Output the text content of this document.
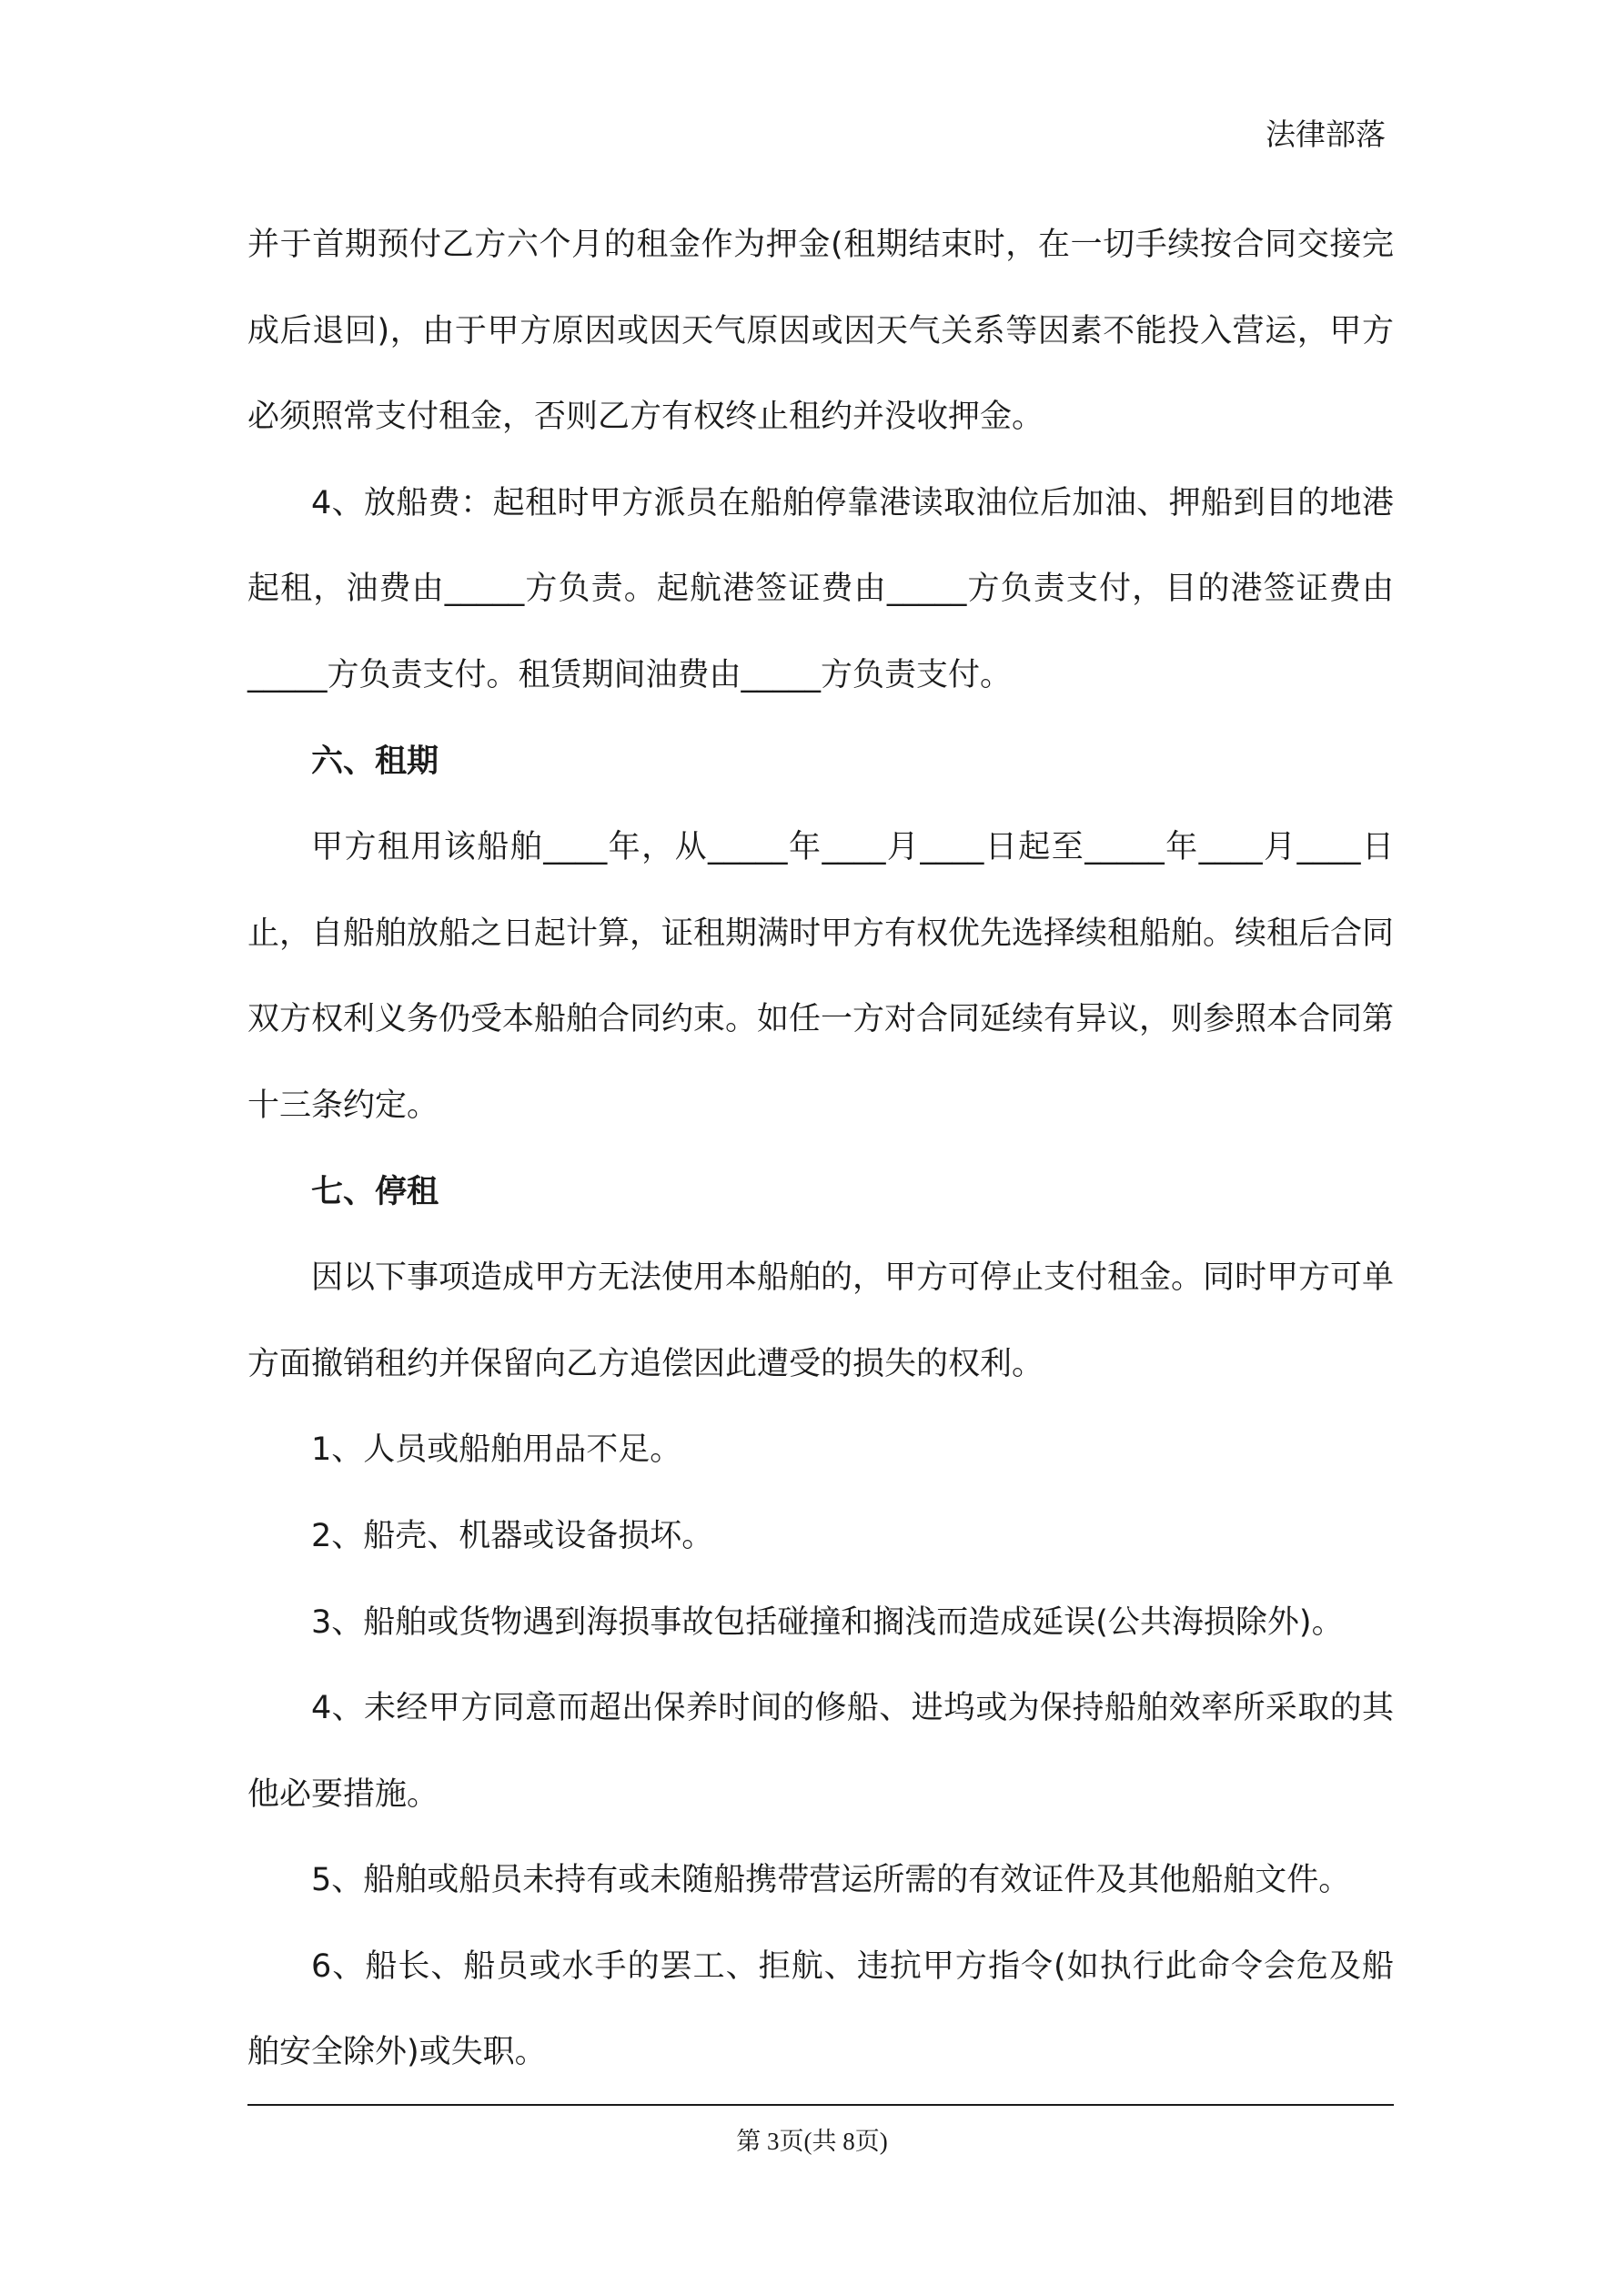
法律部落

并于首期预付乙方六个月的租金作为押金(租期结束时，在一切手续按合同交接完成后退回)，由于甲方原因或因天气原因或因天气关系等因素不能投入营运，甲方必须照常支付租金，否则乙方有权终止租约并没收押金。

4、放船费：起租时甲方派员在船舶停靠港读取油位后加油、押船到目的地港起租，油费由_____方负责。起航港签证费由_____方负责支付，目的港签证费由_____方负责支付。租赁期间油费由_____方负责支付。

六、租期

甲方租用该船舶____年，从_____年____月____日起至_____年____月____日止，自船舶放船之日起计算，证租期满时甲方有权优先选择续租船舶。续租后合同双方权利义务仍受本船舶合同约束。如任一方对合同延续有异议，则参照本合同第十三条约定。

七、停租

因以下事项造成甲方无法使用本船舶的，甲方可停止支付租金。同时甲方可单方面撤销租约并保留向乙方追偿因此遭受的损失的权利。

1、人员或船舶用品不足。

2、船壳、机器或设备损坏。

3、船舶或货物遇到海损事故包括碰撞和搁浅而造成延误(公共海损除外)。

4、未经甲方同意而超出保养时间的修船、进坞或为保持船舶效率所采取的其他必要措施。

5、船舶或船员未持有或未随船携带营运所需的有效证件及其他船舶文件。

6、船长、船员或水手的罢工、拒航、违抗甲方指令(如执行此命令会危及船舶安全除外)或失职。

第 3页(共 8页)
